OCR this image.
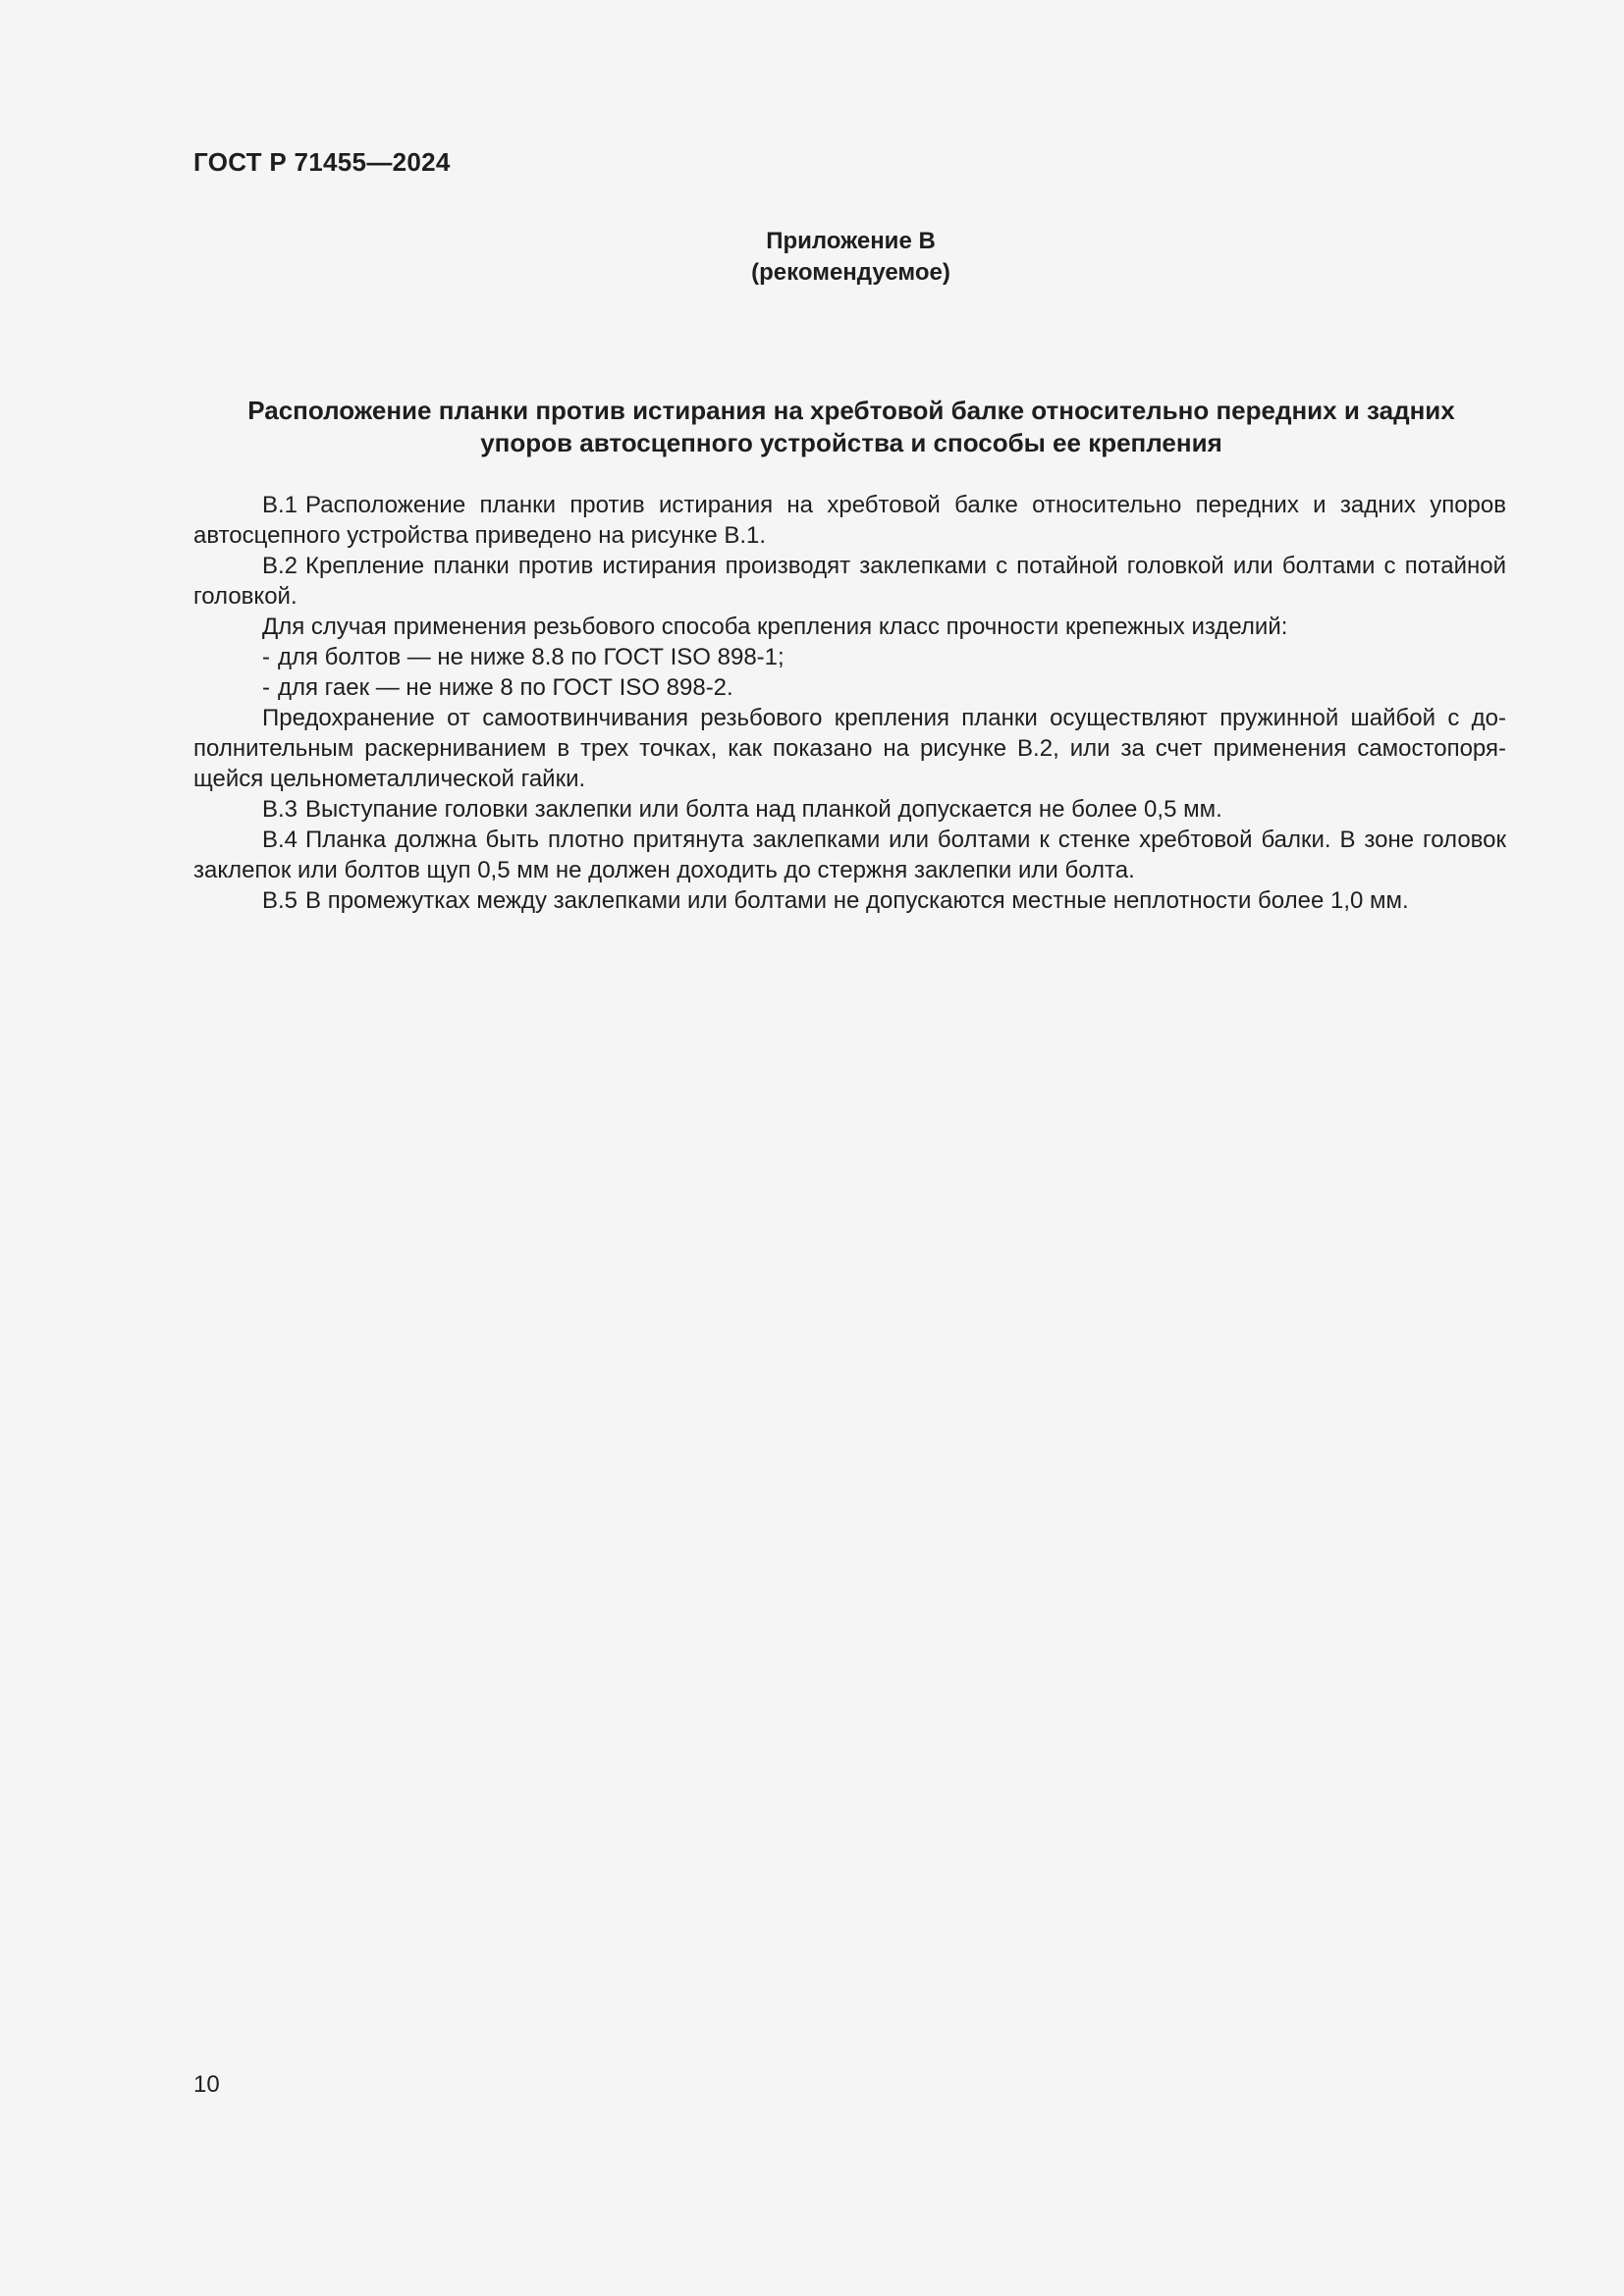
ГОСТ Р 71455—2024
Приложение В
(рекомендуемое)
Расположение планки против истирания на хребтовой балке относительно передних и задних
упоров автосцепного устройства и способы ее крепления

В.1 Расположение планки против истирания на хребтовой балке относительно передних и задних упоров автосцепного устройства приведено на рисунке В.1.

В.2 Крепление планки против истирания производят заклепками с потайной головкой или болтами с потайной головкой.

Для случая применения резьбового способа крепления класс прочности крепежных изделий:

- для болтов — не ниже 8.8 по ГОСТ ISO 898-1;

- для гаек — не ниже 8 по ГОСТ ISO 898-2.

Предохранение от самоотвинчивания резьбового крепления планки осуществляют пружинной шайбой с дополнительным раскерниванием в трех точках, как показано на рисунке В.2, или за счет применения самостопорящейся цельнометаллической гайки.

В.3 Выступание головки заклепки или болта над планкой допускается не более 0,5 мм.

В.4 Планка должна быть плотно притянута заклепками или болтами к стенке хребтовой балки. В зоне головок заклепок или болтов щуп 0,5 мм не должен доходить до стержня заклепки или болта.

В.5 В промежутках между заклепками или болтами не допускаются местные неплотности более 1,0 мм.

10
